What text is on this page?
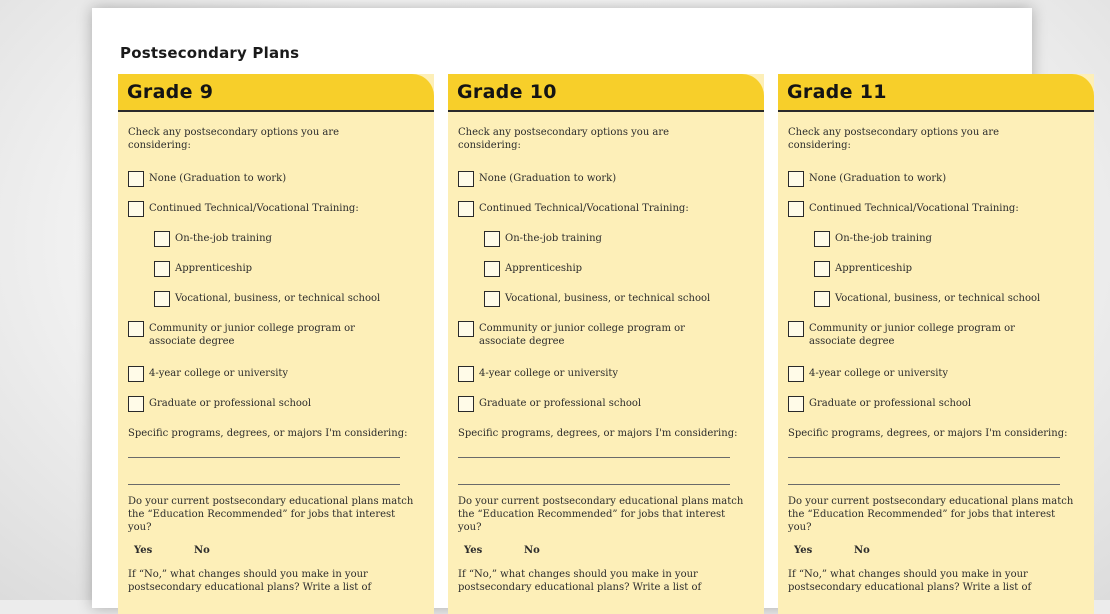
Postsecondary Plans
Grade 9
Check any postsecondary options you are considering:
None (Graduation to work)
Continued Technical/Vocational Training:
On-the-job training
Apprenticeship
Vocational, business, or technical school
Community or junior college program or associate degree
4-year college or university
Graduate or professional school
Specific programs, degrees, or majors I'm considering:
Do your current postsecondary educational plans match the “Education Recommended” for jobs that interest you?
Yes	No
If “No,” what changes should you make in your postsecondary educational plans? Write a list of
Grade 10
Check any postsecondary options you are considering:
None (Graduation to work)
Continued Technical/Vocational Training:
On-the-job training
Apprenticeship
Vocational, business, or technical school
Community or junior college program or associate degree
4-year college or university
Graduate or professional school
Specific programs, degrees, or majors I'm considering:
Do your current postsecondary educational plans match the “Education Recommended” for jobs that interest you?
Yes	No
If “No,” what changes should you make in your postsecondary educational plans? Write a list of
Grade 11
Check any postsecondary options you are considering:
None (Graduation to work)
Continued Technical/Vocational Training:
On-the-job training
Apprenticeship
Vocational, business, or technical school
Community or junior college program or associate degree
4-year college or university
Graduate or professional school
Specific programs, degrees, or majors I'm considering:
Do your current postsecondary educational plans match the “Education Recommended” for jobs that interest you?
Yes	No
If “No,” what changes should you make in your postsecondary educational plans? Write a list of
